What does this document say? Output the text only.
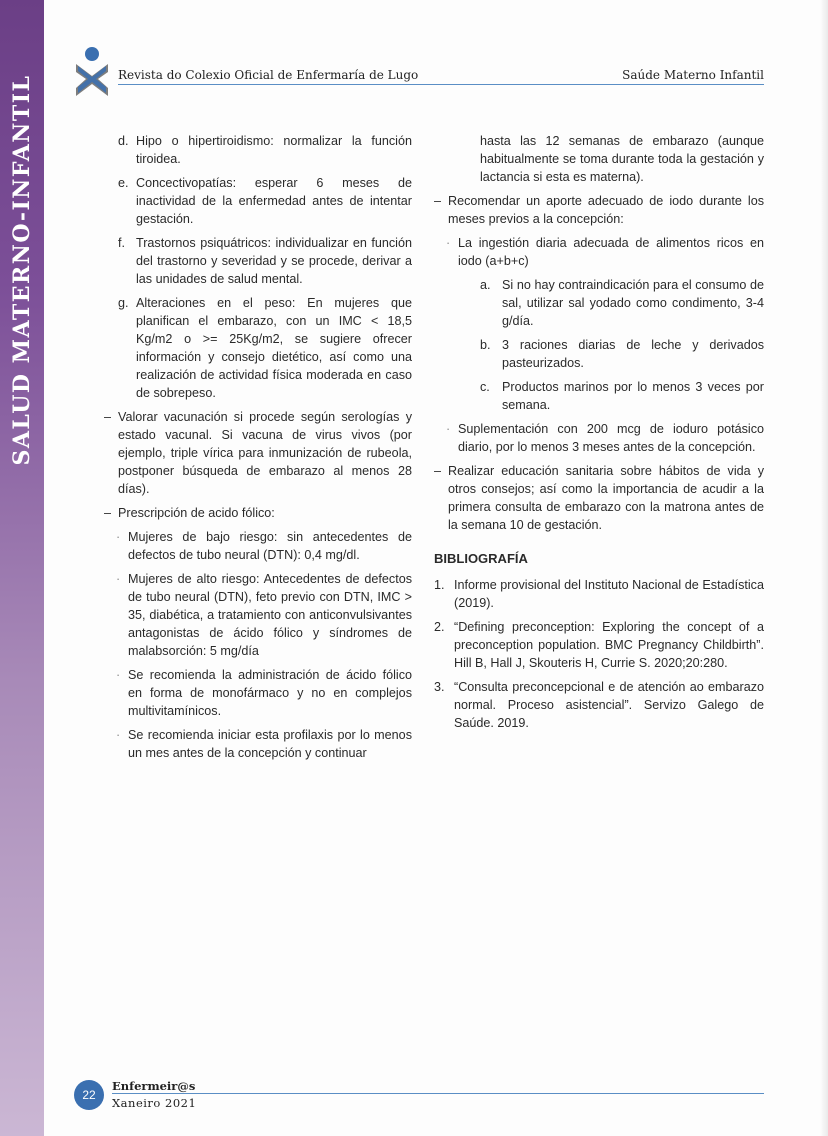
SALUD MATERNO-INFANTIL	Revista do Colexio Oficial de Enfermaría de Lugo	Saúde Materno Infantil
d. Hipo o hipertiroidismo: normalizar la función tiroidea.
e. Concectivopatías: esperar 6 meses de inactividad de la enfermedad antes de intentar gestación.
f. Trastornos psiquátricos: individualizar en función del trastorno y severidad y se procede, derivar a las unidades de salud mental.
g. Alteraciones en el peso: En mujeres que planifican el embarazo, con un IMC < 18,5 Kg/m2 o >= 25Kg/m2, se sugiere ofrecer información y consejo dietético, así como una realización de actividad física moderada en caso de sobrepeso.
– Valorar vacunación si procede según serologías y estado vacunal. Si vacuna de virus vivos (por ejemplo, triple vírica para inmunización de rubeola, postponer búsqueda de embarazo al menos 28 días).
– Prescripción de acido fólico:
· Mujeres de bajo riesgo: sin antecedentes de defectos de tubo neural (DTN): 0,4 mg/dl.
· Mujeres de alto riesgo: Antecedentes de defectos de tubo neural (DTN), feto previo con DTN, IMC > 35, diabética, a tratamiento con anticonvulsivantes antagonistas de ácido fólico y síndromes de malabsorción: 5 mg/día
· Se recomienda la administración de ácido fólico en forma de monofármaco y no en complejos multivitamínicos.
· Se recomienda iniciar esta profilaxis por lo menos un mes antes de la concepción y continuar
hasta las 12 semanas de embarazo (aunque habitualmente se toma durante toda la gestación y lactancia si esta es materna).
– Recomendar un aporte adecuado de iodo durante los meses previos a la concepción:
· La ingestión diaria adecuada de alimentos ricos en iodo (a+b+c)
a. Si no hay contraindicación para el consumo de sal, utilizar sal yodado como condimento, 3-4 g/día.
b. 3 raciones diarias de leche y derivados pasteurizados.
c. Productos marinos por lo menos 3 veces por semana.
· Suplementación con 200 mcg de ioduro potásico diario, por lo menos 3 meses antes de la concepción.
– Realizar educación sanitaria sobre hábitos de vida y otros consejos; así como la importancia de acudir a la primera consulta de embarazo con la matrona antes de la semana 10 de gestación.
BIBLIOGRAFÍA
1. Informe provisional del Instituto Nacional de Estadística (2019).
2. “Defining preconception: Exploring the concept of a preconception population. BMC Pregnancy Childbirth”. Hill B, Hall J, Skouteris H, Currie S. 2020;20:280.
3. “Consulta preconcepcional e de atención ao embarazo normal. Proceso asistencial”. Servizo Galego de Saúde. 2019.
22
Enfermeir@s
Xaneiro 2021
